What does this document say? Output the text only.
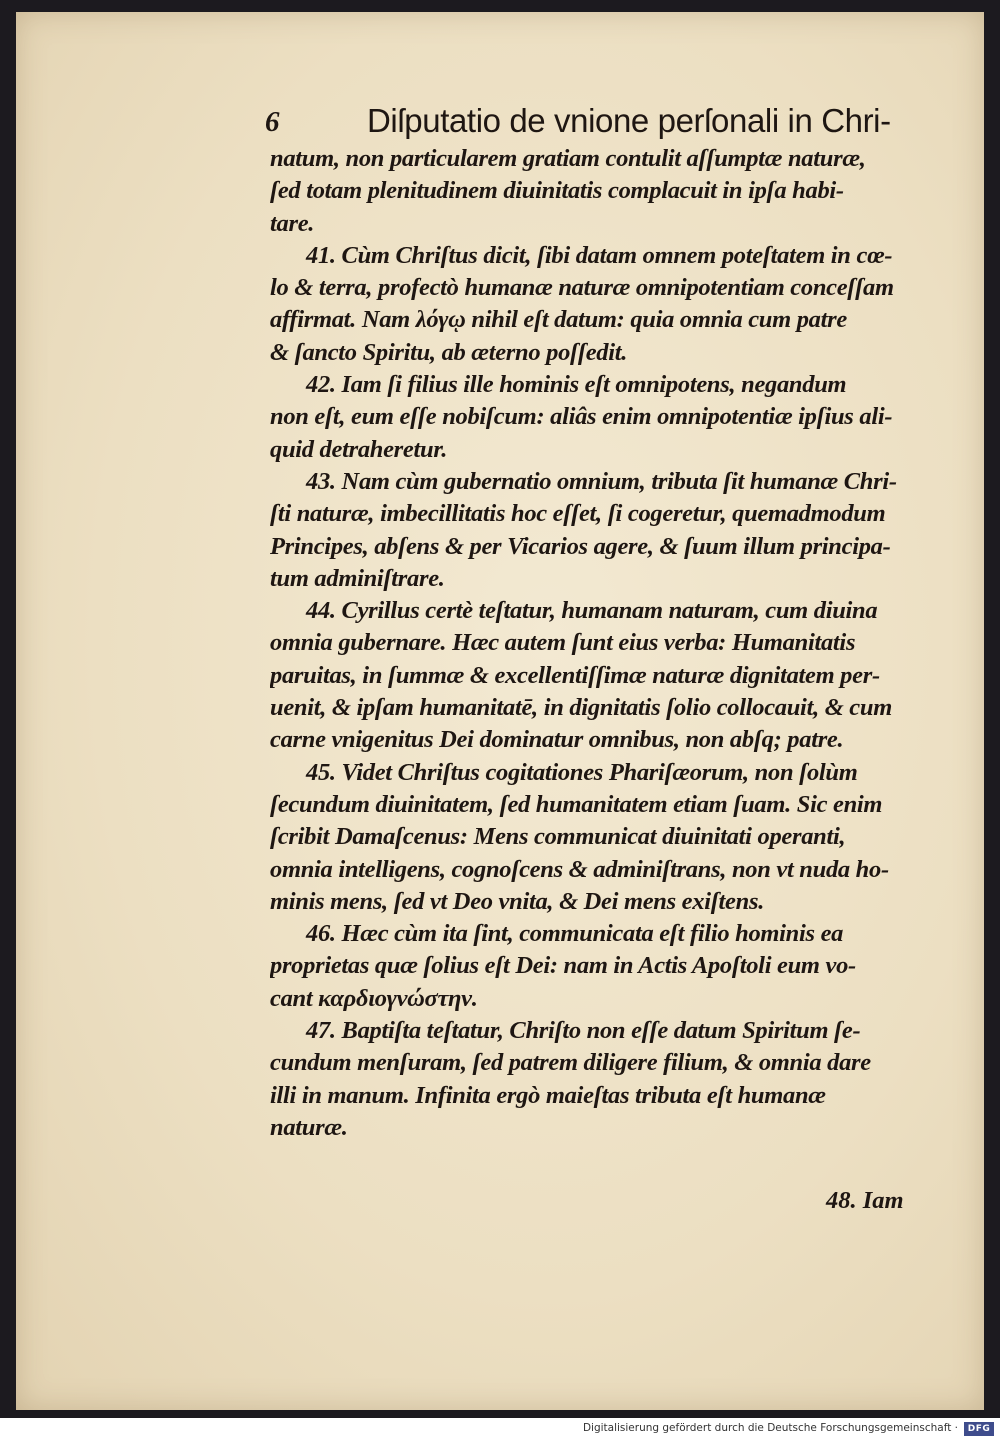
6	Diſputatio de vnione perſonali in Chri-
natum, non particularem gratiam contulit aſſumptæ naturæ,
ſed totam plenitudinem diuinitatis complacuit in ipſa habi-
tare.
41. Cùm Chriſtus dicit, ſibi datam omnem poteſtatem in cœ-
lo & terra, profectò humanæ naturæ omnipotentiam conceſſam
affirmat. Nam λόγῳ nihil eſt datum: quia omnia cum patre
& ſancto Spiritu, ab æterno poſſedit.
42. Iam ſi filius ille hominis eſt omnipotens, negandum
non eſt, eum eſſe nobiſcum: aliâs enim omnipotentiæ ipſius ali-
quid detraheretur.
43. Nam cùm gubernatio omnium, tributa ſit humanæ Chri-
ſti naturæ, imbecillitatis hoc eſſet, ſi cogeretur, quemadmodum
Principes, abſens & per Vicarios agere, & ſuum illum principa-
tum adminiſtrare.
44. Cyrillus certè teſtatur, humanam naturam, cum diuina
omnia gubernare. Hæc autem ſunt eius verba: Humanitatis
paruitas, in ſummæ & excellentiſſimæ naturæ dignitatem per-
uenit, & ipſam humanitatē, in dignitatis ſolio collocauit, & cum
carne vnigenitus Dei dominatur omnibus, non abſq; patre.
45. Videt Chriſtus cogitationes Phariſæorum, non ſolùm
ſecundum diuinitatem, ſed humanitatem etiam ſuam. Sic enim
ſcribit Damaſcenus: Mens communicat diuinitati operanti,
omnia intelligens, cognoſcens & adminiſtrans, non vt nuda ho-
minis mens, ſed vt Deo vnita, & Dei mens exiſtens.
46. Hæc cùm ita ſint, communicata eſt filio hominis ea
proprietas quæ ſolius eſt Dei: nam in Actis Apoſtoli eum vo-
cant καρδιογνώστην.
47. Baptiſta teſtatur, Chriſto non eſſe datum Spiritum ſe-
cundum menſuram, ſed patrem diligere filium, & omnia dare
illi in manum. Infinita ergò maieſtas tributa eſt humanæ
naturæ.
48. Iam
Digitalisierung gefördert durch die Deutsche Forschungsgemeinschaft ·	DFG
